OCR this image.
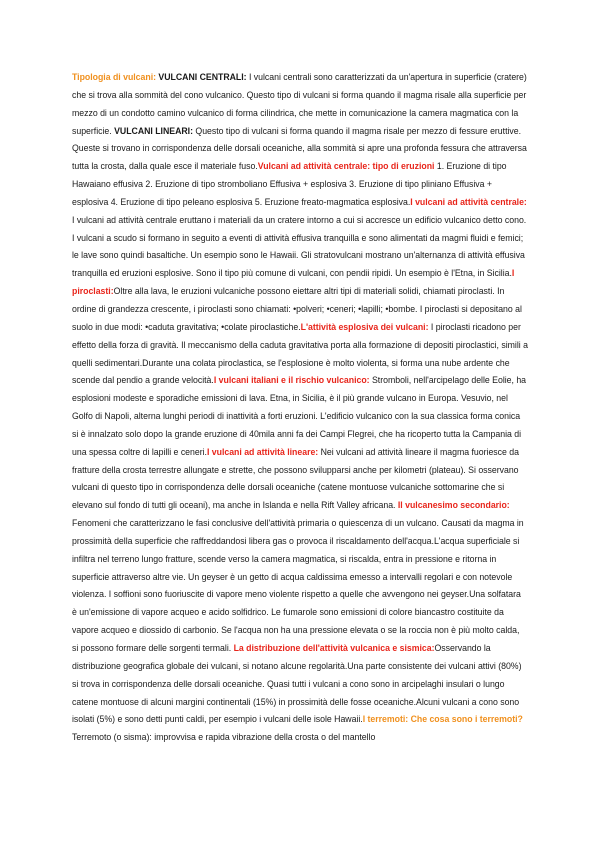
Tipologia di vulcani: VULCANI CENTRALI: I vulcani centrali sono caratterizzati da un'apertura in superficie (cratere) che si trova alla sommità del cono vulcanico. Questo tipo di vulcani si forma quando il magma risale alla superficie per mezzo di un condotto camino vulcanico di forma cilindrica, che mette in comunicazione la camera magmatica con la superficie. VULCANI LINEARI: Questo tipo di vulcani si forma quando il magma risale per mezzo di fessure eruttive. Queste si trovano in corrispondenza delle dorsali oceaniche, alla sommità si apre una profonda fessura che attraversa tutta la crosta, dalla quale esce il materiale fuso.Vulcani ad attività centrale: tipo di eruzioni 1. Eruzione di tipo Hawaiano effusiva 2. Eruzione di tipo stromboliano Effusiva + esplosiva 3. Eruzione di tipo pliniano Effusiva + esplosiva 4. Eruzione di tipo peleano esplosiva 5. Eruzione freato-magmatica esplosiva.I vulcani ad attività centrale: I vulcani ad attività centrale eruttano i materiali da un cratere intorno a cui si accresce un edificio vulcanico detto cono. I vulcani a scudo si formano in seguito a eventi di attività effusiva tranquilla e sono alimentati da magmi fluidi e femici; le lave sono quindi basaltiche. Un esempio sono le Hawaii. Gli stratovulcani mostrano un'alternanza di attività effusiva tranquilla ed eruzioni esplosive. Sono il tipo più comune di vulcani, con pendii ripidi. Un esempio è l'Etna, in Sicilia.I piroclasti:Oltre alla lava, le eruzioni vulcaniche possono eiettare altri tipi di materiali solidi, chiamati piroclasti. In ordine di grandezza crescente, i piroclasti sono chiamati: •polveri; •ceneri; •lapilli; •bombe. I piroclasti si depositano al suolo in due modi: •caduta gravitativa; •colate piroclastiche.L'attività esplosiva dei vulcani: I piroclasti ricadono per effetto della forza di gravità. Il meccanismo della caduta gravitativa porta alla formazione di depositi piroclastici, simili a quelli sedimentari.Durante una colata piroclastica, se l'esplosione è molto violenta, si forma una nube ardente che scende dal pendio a grande velocità.I vulcani italiani e il rischio vulcanico: Stromboli, nell'arcipelago delle Eolie, ha esplosioni modeste e sporadiche emissioni di lava. Etna, in Sicilia, è il più grande vulcano in Europa. Vesuvio, nel Golfo di Napoli, alterna lunghi periodi di inattività a forti eruzioni. L'edificio vulcanico con la sua classica forma conica si è innalzato solo dopo la grande eruzione di 40mila anni fa dei Campi Flegrei, che ha ricoperto tutta la Campania di una spessa coltre di lapilli e ceneri.I vulcani ad attività lineare: Nei vulcani ad attività lineare il magma fuoriesce da fratture della crosta terrestre allungate e strette, che possono svilupparsi anche per kilometri (plateau). Si osservano vulcani di questo tipo in corrispondenza delle dorsali oceaniche (catene montuose vulcaniche sottomarine che si elevano sul fondo di tutti gli oceani), ma anche in Islanda e nella Rift Valley africana. Il vulcanesimo secondario: Fenomeni che caratterizzano le fasi conclusive dell'attività primaria o quiescenza di un vulcano. Causati da magma in prossimità della superficie che raffreddandosi libera gas o provoca il riscaldamento dell'acqua.L'acqua superficiale si infiltra nel terreno lungo fratture, scende verso la camera magmatica, si riscalda, entra in pressione e ritorna in superficie attraverso altre vie. Un geyser è un getto di acqua caldissima emesso a intervalli regolari e con notevole violenza. I soffioni sono fuoriuscite di vapore meno violente rispetto a quelle che avvengono nei geyser.Una solfatara è un'emissione di vapore acqueo e acido solfidrico. Le fumarole sono emissioni di colore biancastro costituite da vapore acqueo e diossido di carbonio. Se l'acqua non ha una pressione elevata o se la roccia non è più molto calda, si possono formare delle sorgenti termali. La distribuzione dell'attività vulcanica e sismica:Osservando la distribuzione geografica globale dei vulcani, si notano alcune regolarità.Una parte consistente dei vulcani attivi (80%) si trova in corrispondenza delle dorsali oceaniche. Quasi tutti i vulcani a cono sono in arcipelaghi insulari o lungo catene montuose di alcuni margini continentali (15%) in prossimità delle fosse oceaniche.Alcuni vulcani a cono sono isolati (5%) e sono detti punti caldi, per esempio i vulcani delle isole Hawaii.I terremoti: Che cosa sono i terremoti? Terremoto (o sisma): improvvisa e rapida vibrazione della crosta o del mantello
